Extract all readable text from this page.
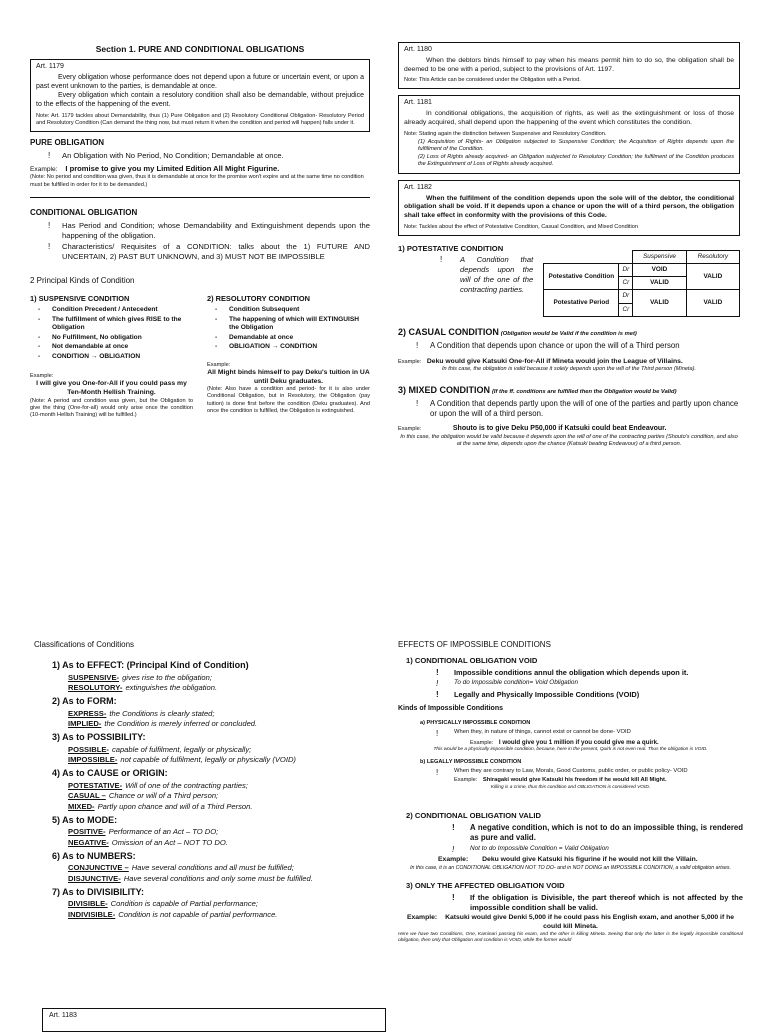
Section 1. PURE AND CONDITIONAL OBLIGATIONS
Art. 1179

Every obligation whose performance does not depend upon a future or uncertain event, or upon a past event unknown to the parties, is demandable at once.

Every obligation which contain a resolutory condition shall also be demandable, without prejudice to the effects of the happening of the event.

Note: Art. 1179 tackles about Demandability, thus (1) Pure Obligation and (2) Resolutory Conditional Obligation- Resolutory Period and Resolutory Condition (Can demand the thing now, but must return it when the condition and period will happen) falls under it.
PURE OBLIGATION
! An Obligation with No Period, No Condition; Demandable at once.
Example: I promise to give you my Limited Edition All Might Figurine.
(Note: No period and condition was given, thus it is demandable at once for the promise won't expire and at the same time no condition must be fulfilled in order for it to be demanded.)
CONDITIONAL OBLIGATION
! Has Period and Condition; whose Demandability and Extinguishment depends upon the happening of the obligation.
! Characteristics/ Requisites of a CONDITION: talks about the 1) FUTURE AND UNCERTAIN, 2) PAST BUT UNKNOWN, and 3) MUST NOT BE IMPOSSIBLE
2 Principal Kinds of Condition
1) SUSPENSIVE CONDITION
- Condition Precedent / Antecedent
- The fulfillment of which gives RISE to the Obligation
- No Fulfillment, No obligation
- Not demandable at once
- CONDITION → OBLIGATION
Example:
I will give you One-for-All if you could pass my Ten-Month Hellish Training.
(Note: A period and condition was given, but the Obligation to give the thing (One-for-all) would only arise once the condition (10-month Hellish Training) will be fulfilled.)
2) RESOLUTORY CONDITION
- Condition Subsequent
- The happening of which will EXTINGUISH the Obligation
- Demandable at once
- OBLIGATION → CONDITION
Example:
All Might binds himself to pay Deku's tuition in UA until Deku graduates.
(Note: Also have a condition and period- for it is also under Conditional Obligation, but in Resolutory, the Obligation (pay tuition) is done first before the condition (Deku graduates). And once the condition is fulfilled, the Obligation is extinguished.
Art. 1180

When the debtors binds himself to pay when his means permit him to do so, the obligation shall be deemed to be one with a period, subject to the provisions of Art. 1197.

Note: This Article can be considered under the Obligation with a Period.
Art. 1181

In conditional obligations, the acquisition of rights, as well as the extinguishment or loss of those already acquired, shall depend upon the happening of the event which constitutes the condition.

Note: Stating again the distinction between Suspensive and Resolutory Condition.
(1) Acquisition of Rights- an Obligation subjected to Suspensive Condition; the Acquisition of Rights depends upon the fulfillment of the Condition.
(2) Loss of Rights already acquired- an Obligation subjected to Resolutory Condition; the fulfilment of the Condition produces the Extinguishment of Loss of Rights already acquired.
Art. 1182

When the fulfilment of the condition depends upon the sole will of the debtor, the conditional obligation shall be void. If it depends upon a chance or upon the will of a third person, the obligation shall take effect in conformity with the provisions of this Code.

Note: Tackles about the effect of Potestative Condition, Casual Condition, and Mixed Condition
1) POTESTATIVE CONDITION
! A Condition that depends upon the will of the one of the contracting parties.
		Suspensive	Resolutory
Potestative Condition	Dr	VOID	VALID
	Cr	VALID	
Potestative Period	Dr	VALID	VALID
	Cr		
2) CASUAL CONDITION (Obligation would be Valid if the condition is met)
! A Condition that depends upon chance or upon the will of a Third person
Example: Deku would give Katsuki One-for-All if Mineta would join the League of Villains.
In this case, the obligation is valid because it solely depends upon the will of the Third person (Mineta).
3) MIXED CONDITION (If the ff. conditions are fulfilled then the Obligation would be Valid)
! A Condition that depends partly upon the will of one of the parties and partly upon chance or upon the will of a third person.
Example:	Shouto is to give Deku P50,000 if Katsuki could beat Endeavour.
In this case, the obligation would be valid because it depends upon the will of one of the contracting parties (Shouto's condition, and also at the same time, depends upon the chance (Katsuki beating Endeavour) of a third person.
Classifications of Conditions
1) As to EFFECT: (Principal Kind of Condition)
SUSPENSIVE- gives rise to the obligation;
RESOLUTORY- extinguishes the obligation.
2) As to FORM:
EXPRESS- the Conditions is clearly stated;
IMPLIED- the Condition is merely inferred or concluded.
3) As to POSSIBILITY:
POSSIBLE- capable of fulfilment, legally or physically;
IMPOSSIBLE- not capable of fulfilment, legally or physically (VOID)
4) As to CAUSE or ORIGIN:
POTESTATIVE- Will of one of the contracting parties;
CASUAL – Chance or will of a Third person;
MIXED- Partly upon chance and will of a Third Person.
5) As to MODE:
POSITIVE- Performance of an Act – TO DO;
NEGATIVE- Omission of an Act – NOT TO DO.
6) As to NUMBERS:
CONJUNCTIVE – Have several conditions and all must be fulfilled;
DISJUNCTIVE- Have several conditions and only some must be fulfilled.
7) As to DIVISIBILITY:
DIVISIBLE- Condition is capable of Partial performance;
INDIVISIBLE- Condition is not capable of partial performance.
Art. 1183
EFFECTS OF IMPOSSIBLE CONDITIONS
1) CONDITIONAL OBLIGATION VOID
! Impossible conditions annul the obligation which depends upon it.
! To do Impossible condition= Void Obligation
! Legally and Physically Impossible Conditions (VOID)
Kinds of Impossible Conditions
a) PHYSICALLY IMPOSSIBLE CONDITION
!	When they, in nature of things, cannot exist or cannot be done- VOID
Example: I would give you 1 million if you could give me a quirk.
This would be a physically impossible condition, because, here in the present, Quirk is not even real. Thus the obligation is VOID.
b) LEGALLY IMPOSSIBLE CONDITION
!	When they are contrary to Law, Morals, Good Customs, public order, or public policy- VOID
Example: Shiragaki would give Katsuki his freedom if he would kill All Might.
Killing is a crime, thus this condition and OBLIGATION is considered VOID.
2) CONDITIONAL OBLIGATION VALID
! A negative condition, which is not to do an impossible thing, is rendered as pure and valid.
! Not to do Impossible Condition = Valid Obligation
Example: Deku would give Katsuki his figurine if he would not kill the Villain.
In this case, it is an CONDITIONAL OBLIGATION NOT TO DO- and in NOT DOING an IMPOSSIBLE CONDITION, a valid obligation arises.
3) ONLY THE AFFECTED OBLIGATION VOID
! If the obligation is Divisible, the part thereof which is not affected by the impossible condition shall be valid.
Example: Katsuki would give Denki 5,000 if he could pass his English exam, and another 5,000 if he could kill Mineta.
Here we have two Conditions, One, Kaminari passing his exam, and the other is killing Mineta. Seeing that only the latter is the legally impossible conditional obligation, then only that Obligation and condition is VOID, while the former would
